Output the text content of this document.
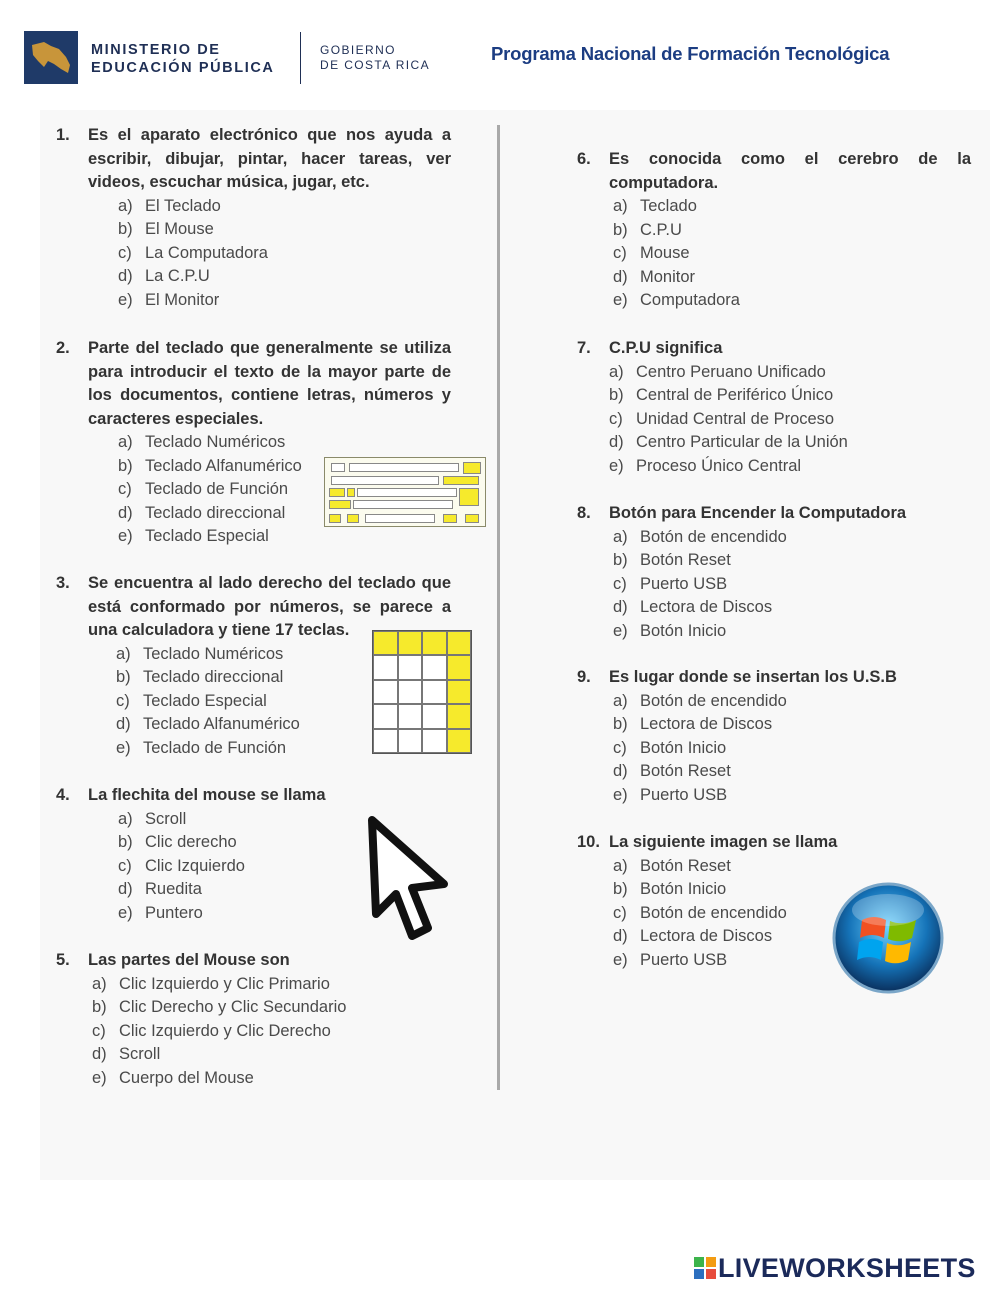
MINISTERIO DE
EDUCACIÓN PÚBLICA
GOBIERNO
DE COSTA RICA
Programa Nacional de Formación Tecnológica
1.	Es el aparato electrónico que nos ayuda a escribir, dibujar, pintar, hacer tareas, ver videos, escuchar música, jugar, etc.
a) El Teclado
b) El Mouse
c) La Computadora
d) La C.P.U
e) El Monitor
2.	Parte del teclado que generalmente se utiliza para introducir el texto de la mayor parte de los documentos, contiene letras, números y caracteres especiales.
a) Teclado Numéricos
b) Teclado Alfanumérico
c) Teclado de Función
d) Teclado direccional
e) Teclado Especial
3.	Se encuentra al lado derecho del teclado que está conformado por números, se parece a una calculadora y tiene 17 teclas.
a) Teclado Numéricos
b) Teclado direccional
c) Teclado Especial
d) Teclado Alfanumérico
e) Teclado de Función
4.	La flechita del mouse se llama
a) Scroll
b) Clic derecho
c) Clic Izquierdo
d) Ruedita
e) Puntero
5.	Las partes del Mouse son
a) Clic Izquierdo y Clic Primario
b) Clic Derecho y Clic Secundario
c) Clic Izquierdo y Clic Derecho
d) Scroll
e) Cuerpo del Mouse
6.	Es conocida como el cerebro de la computadora.
a) Teclado
b) C.P.U
c) Mouse
d) Monitor
e) Computadora
7.	C.P.U significa
a) Centro Peruano Unificado
b) Central de Periférico Único
c) Unidad Central de Proceso
d) Centro Particular de la Unión
e) Proceso Único Central
8.	Botón para Encender la Computadora
a) Botón de encendido
b) Botón Reset
c) Puerto USB
d) Lectora de Discos
e) Botón Inicio
9.	Es lugar donde se insertan los U.S.B
a) Botón de encendido
b) Lectora de Discos
c) Botón Inicio
d) Botón Reset
e) Puerto USB
10. La siguiente imagen se llama
a) Botón Reset
b) Botón Inicio
c) Botón de encendido
d) Lectora de Discos
e) Puerto USB
LIVEWORKSHEETS
